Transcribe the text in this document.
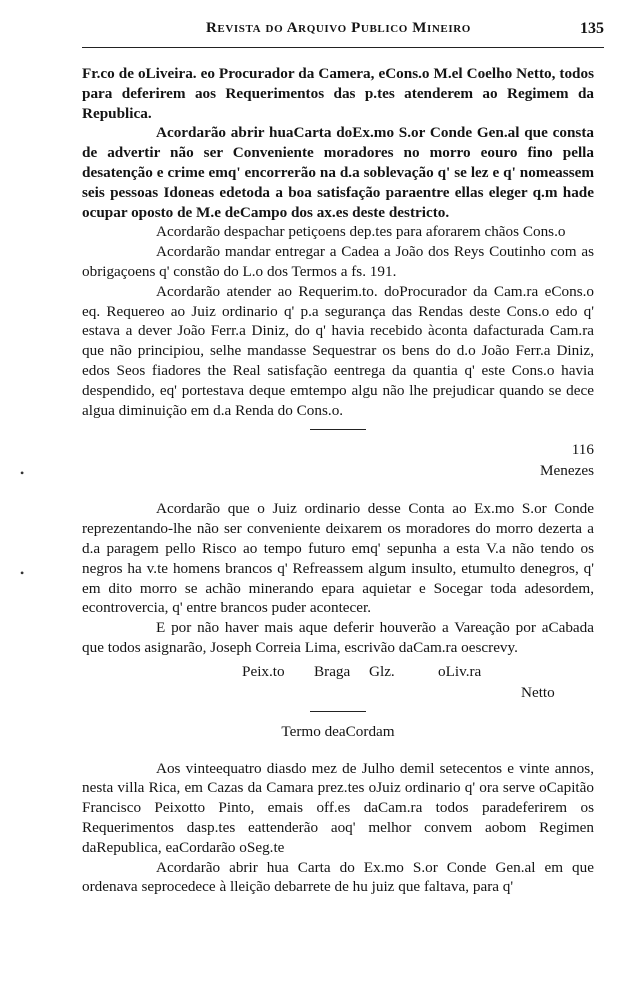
Revista do Arquivo Publico Mineiro	135
•
•

Fr.co de oLiveira. eo Procurador da Camera, eCons.o M.el Coelho Netto, todos para deferirem aos Requerimentos das p.tes atenderem ao Regimem da Republica.

Acordarão abrir huaCarta doEx.mo S.or Conde Gen.al que consta de advertir não ser Conveniente moradores no morro eouro fino pella desatenção e crime emq' encorrerão na d.a soblevação q' se lez e q' nomeassem seis pessoas Idoneas edetoda a boa satisfação paraentre ellas eleger q.m hade ocupar oposto de M.e deCampo dos ax.es deste destricto.

Acordarão despachar petiçoens dep.tes para aforarem chãos Cons.o

Acordarão mandar entregar a Cadea a João dos Reys Coutinho com as obrigaçoens q' constão do L.o dos Termos a fs. 191.

Acordarão atender ao Requerim.to. doProcurador da Cam.ra eCons.o eq. Requereo ao Juiz ordinario q' p.a segurança das Rendas deste Cons.o edo q' estava a dever João Ferr.a Diniz, do q' havia recebido àconta dafacturada Cam.ra que não principiou, selhe mandasse Sequestrar os bens do d.o João Ferr.a Diniz, edos Seos fiadores the Real satisfação eentrega da quantia q' este Cons.o havia despendido, eq' portestava deque emtempo algu não lhe prejudicar quando se dece algua diminuição em d.a Renda do Cons.o.

116
Menezes

Acordarão que o Juiz ordinario desse Conta ao Ex.mo S.or Conde reprezentando-lhe não ser conveniente deixarem os moradores do morro dezerta a d.a paragem pello Risco ao tempo futuro emq' sepunha a esta V.a não tendo os negros ha v.te homens brancos q' Refreassem algum insulto, etumulto denegros, q' em dito morro se achão minerando epara aquietar e Socegar toda adesordem, econtrovercia, q' entre brancos puder acontecer.

E por não haver mais aque deferir houverão a Vareação por aCabada que todos asignarão, Joseph Correia Lima, escrivão daCam.ra oescrevy.

Peix.to Braga Glz.	oLiv.ra
Netto
Termo deaCordam

Aos vinteequatro diasdo mez de Julho demil setecentos e vinte annos, nesta villa Rica, em Cazas da Camara prez.tes oJuiz ordinario q' ora serve oCapitão Francisco Peixotto Pinto, emais off.es daCam.ra todos paradeferirem os Requerimentos dasp.tes eattenderão aoq' melhor convem aobom Regimen daRepublica, eaCordarão oSeg.te

Acordarão abrir hua Carta do Ex.mo S.or Conde Gen.al em que ordenava seprocedece à lleição debarrete de hu juiz que faltava, para q'
